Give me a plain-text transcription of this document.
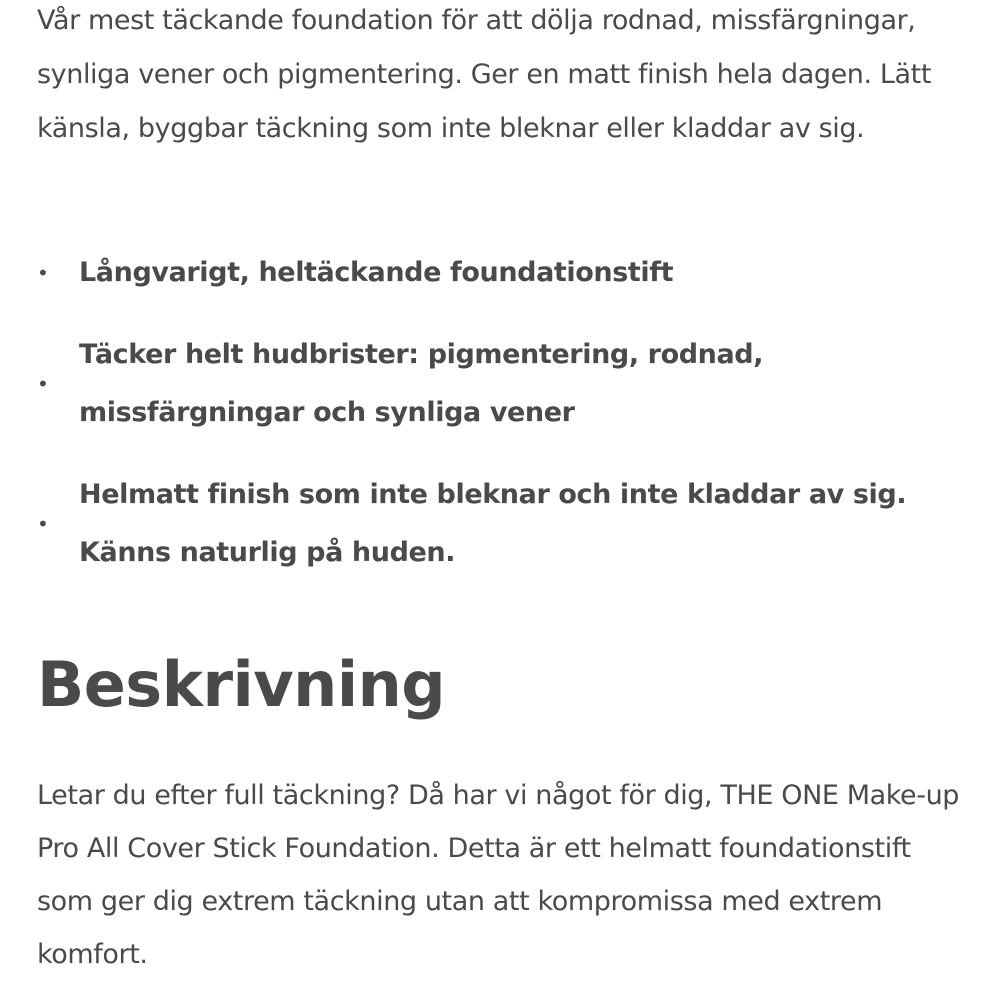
Vår mest täckande foundation för att dölja rodnad, missfärgningar, synliga vener och pigmentering. Ger en matt finish hela dagen. Lätt känsla, byggbar täckning som inte bleknar eller kladdar av sig.

•	Långvarigt, heltäckande foundationstift
•
Täcker helt hudbrister: pigmentering, rodnad, missfärgningar och synliga vener
•
Helmatt finish som inte bleknar och inte kladdar av sig. Känns naturlig på huden.
Beskrivning

Letar du efter full täckning? Då har vi något för dig, THE ONE Make-up Pro All Cover Stick Foundation. Detta är ett helmatt foundationstift som ger dig extrem täckning utan att kompromissa med extrem komfort.
